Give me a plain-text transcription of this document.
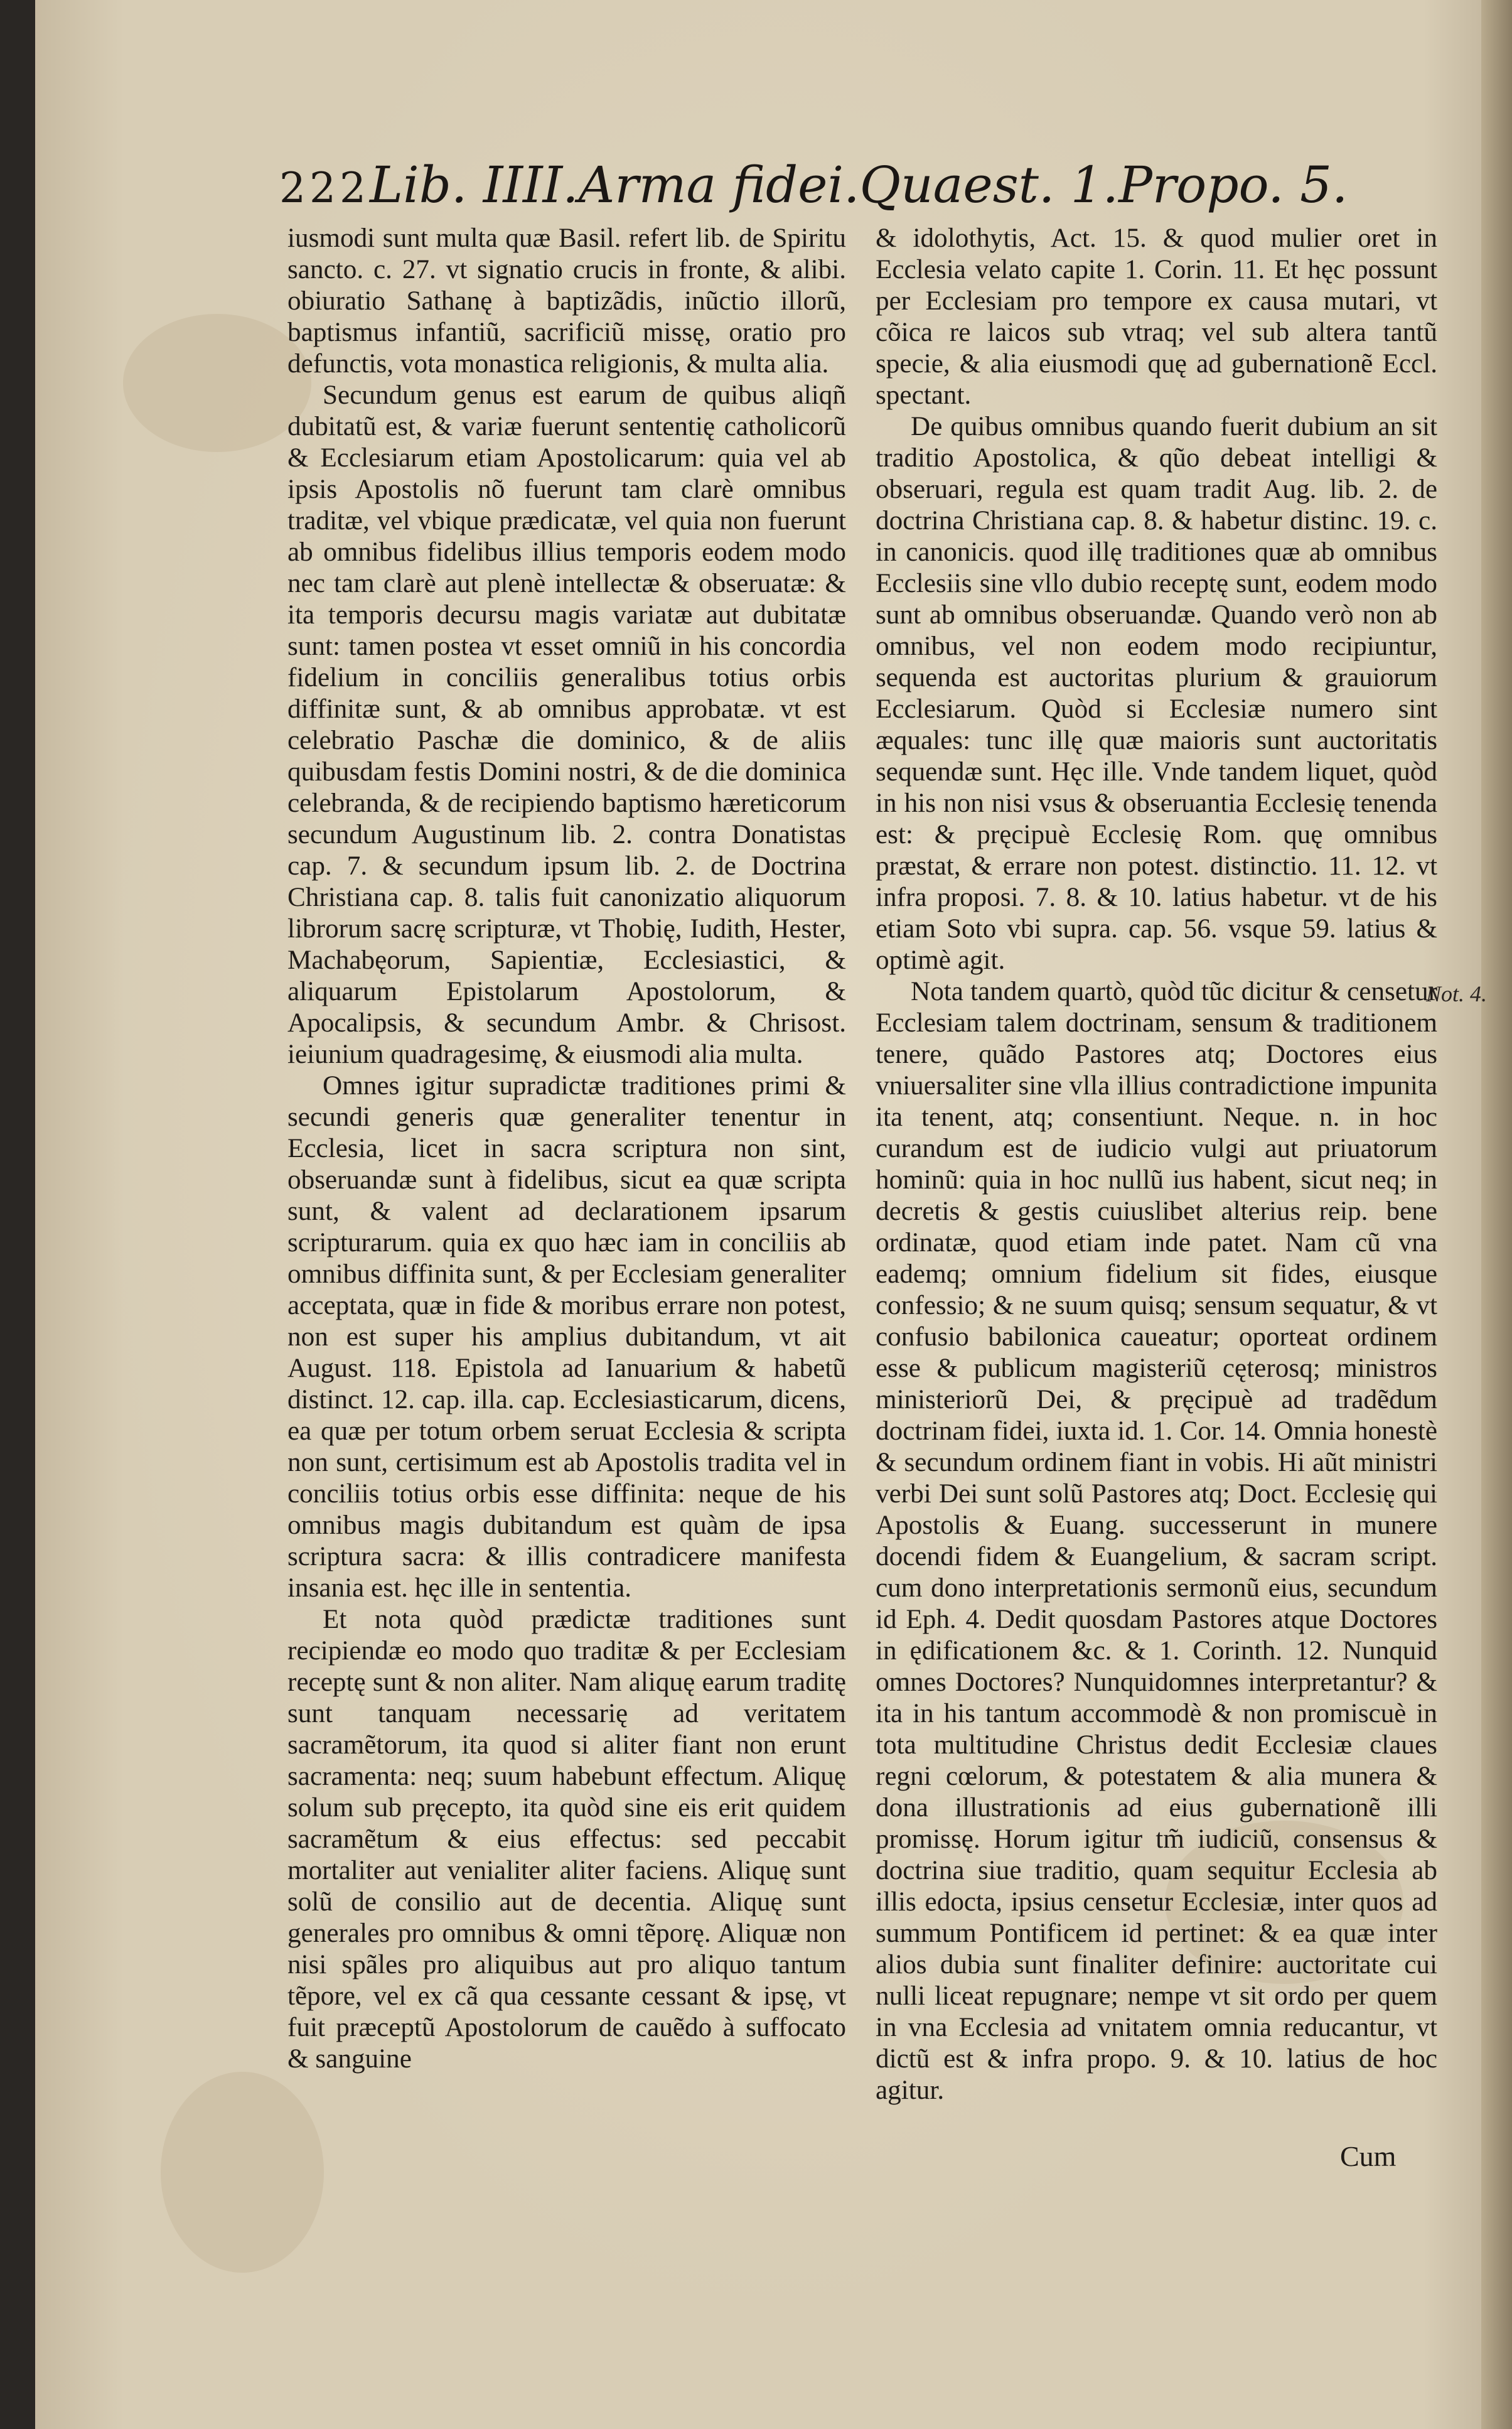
222 Lib. IIII. Arma fidei. Quaest. 1. Propo. 5.

iusmodi sunt multa quæ Basil. refert lib. de Spiritu sancto. c. 27. vt signatio crucis in fronte, & alibi. obiuratio Sathanę à baptizãdis, inũctio illorũ, baptismus infantiũ, sacrificiũ missę, oratio pro defunctis, vota monastica religionis, & multa alia.

Secundum genus est earum de quibus aliqñ dubitatũ est, & variæ fuerunt sententię catholicorũ & Ecclesiarum etiam Apostolicarum: quia vel ab ipsis Apostolis nõ fuerunt tam clarè omnibus traditæ, vel vbique prædicatæ, vel quia non fuerunt ab omnibus fidelibus illius temporis eodem modo nec tam clarè aut plenè intellectæ & obseruatæ: & ita temporis decursu magis variatæ aut dubitatæ sunt: tamen postea vt esset omniũ in his concordia fidelium in conciliis generalibus totius orbis diffinitæ sunt, & ab omnibus approbatæ. vt est celebratio Paschæ die dominico, & de aliis quibusdam festis Domini nostri, & de die dominica celebranda, & de recipiendo baptismo hæreticorum secundum Augustinum lib. 2. contra Donatistas cap. 7. & secundum ipsum lib. 2. de Doctrina Christiana cap. 8. talis fuit canonizatio aliquorum librorum sacrę scripturæ, vt Thobię, Iudith, Hester, Machabęorum, Sapientiæ, Ecclesiastici, & aliquarum Epistolarum Apostolorum, & Apocalipsis, & secundum Ambr. & Chrisost. ieiunium quadragesimę, & eiusmodi alia multa.

Omnes igitur supradictæ traditiones primi & secundi generis quæ generaliter tenentur in Ecclesia, licet in sacra scriptura non sint, obseruandæ sunt à fidelibus, sicut ea quæ scripta sunt, & valent ad declarationem ipsarum scripturarum. quia ex quo hæc iam in conciliis ab omnibus diffinita sunt, & per Ecclesiam generaliter acceptata, quæ in fide & moribus errare non potest, non est super his amplius dubitandum, vt ait August. 118. Epistola ad Ianuarium & habetũ distinct. 12. cap. illa. cap. Ecclesiasticarum, dicens, ea quæ per totum orbem seruat Ecclesia & scripta non sunt, certisimum est ab Apostolis tradita vel in conciliis totius orbis esse diffinita: neque de his omnibus magis dubitandum est quàm de ipsa scriptura sacra: & illis contradicere manifesta insania est. hęc ille in sententia.

Et nota quòd prædictæ traditiones sunt recipiendæ eo modo quo traditæ & per Ecclesiam receptę sunt & non aliter. Nam aliquę earum traditę sunt tanquam necessarię ad veritatem sacramẽtorum, ita quod si aliter fiant non erunt sacramenta: neq; suum habebunt effectum. Aliquę solum sub pręcepto, ita quòd sine eis erit quidem sacramẽtum & eius effectus: sed peccabit mortaliter aut venialiter aliter faciens. Aliquę sunt solũ de consilio aut de decentia. Aliquę sunt generales pro omnibus & omni tẽporę. Aliquæ non nisi spãles pro aliquibus aut pro aliquo tantum tẽpore, vel ex cã qua cessante cessant & ipsę, vt fuit præceptũ Apostolorum de cauẽdo à suffocato & sanguine

& idolothytis, Act. 15. & quod mulier oret in Ecclesia velato capite 1. Corin. 11. Et hęc possunt per Ecclesiam pro tempore ex causa mutari, vt cõica re laicos sub vtraq; vel sub altera tantũ specie, & alia eiusmodi quę ad gubernationẽ Eccl. spectant.

De quibus omnibus quando fuerit dubium an sit traditio Apostolica, & qũo debeat intelligi & obseruari, regula est quam tradit Aug. lib. 2. de doctrina Christiana cap. 8. & habetur distinc. 19. c. in canonicis. quod illę traditiones quæ ab omnibus Ecclesiis sine vllo dubio receptę sunt, eodem modo sunt ab omnibus obseruandæ. Quando verò non ab omnibus, vel non eodem modo recipiuntur, sequenda est auctoritas plurium & grauiorum Ecclesiarum. Quòd si Ecclesiæ numero sint æquales: tunc illę quæ maioris sunt auctoritatis sequendæ sunt. Hęc ille. Vnde tandem liquet, quòd in his non nisi vsus & obseruantia Ecclesię tenenda est: & pręcipuè Ecclesię Rom. quę omnibus præstat, & errare non potest. distinctio. 11. 12. vt infra proposi. 7. 8. & 10. latius habetur. vt de his etiam Soto vbi supra. cap. 56. vsque 59. latius & optimè agit.

Nota tandem quartò, quòd tũc dicitur & censetur Ecclesiam talem doctrinam, sensum & traditionem tenere, quãdo Pastores atq; Doctores eius vniuersaliter sine vlla illius contradictione impunita ita tenent, atq; consentiunt. Neque. n. in hoc curandum est de iudicio vulgi aut priuatorum hominũ: quia in hoc nullũ ius habent, sicut neq; in decretis & gestis cuiuslibet alterius reip. bene ordinatæ, quod etiam inde patet. Nam cũ vna eademq; omnium fidelium sit fides, eiusque confessio; & ne suum quisq; sensum sequatur, & vt confusio babilonica caueatur; oporteat ordinem esse & publicum magisteriũ cęterosq; ministros ministeriorũ Dei, & pręcipuè ad tradẽdum doctrinam fidei, iuxta id. 1. Cor. 14. Omnia honestè & secundum ordinem fiant in vobis. Hi aũt ministri verbi Dei sunt solũ Pastores atq; Doct. Ecclesię qui Apostolis & Euang. successerunt in munere docendi fidem & Euangelium, & sacram script. cum dono interpretationis sermonũ eius, secundum id Eph. 4. Dedit quosdam Pastores atque Doctores in ędificationem &c. & 1. Corinth. 12. Nunquid omnes Doctores? Nunquidomnes interpretantur? & ita in his tantum accommodè & non promiscuè in tota multitudine Christus dedit Ecclesiæ claues regni cœlorum, & potestatem & alia munera & dona illustrationis ad eius gubernationẽ illi promissę. Horum igitur tm̃ iudiciũ, consensus & doctrina siue traditio, quam sequitur Ecclesia ab illis edocta, ipsius censetur Ecclesiæ, inter quos ad summum Pontificem id pertinet: & ea quæ inter alios dubia sunt finaliter definire: auctoritate cui nulli liceat repugnare; nempe vt sit ordo per quem in vna Ecclesia ad vnitatem omnia reducantur, vt dictũ est & infra propo. 9. & 10. latius de hoc agitur.

Not. 4.
Cum
